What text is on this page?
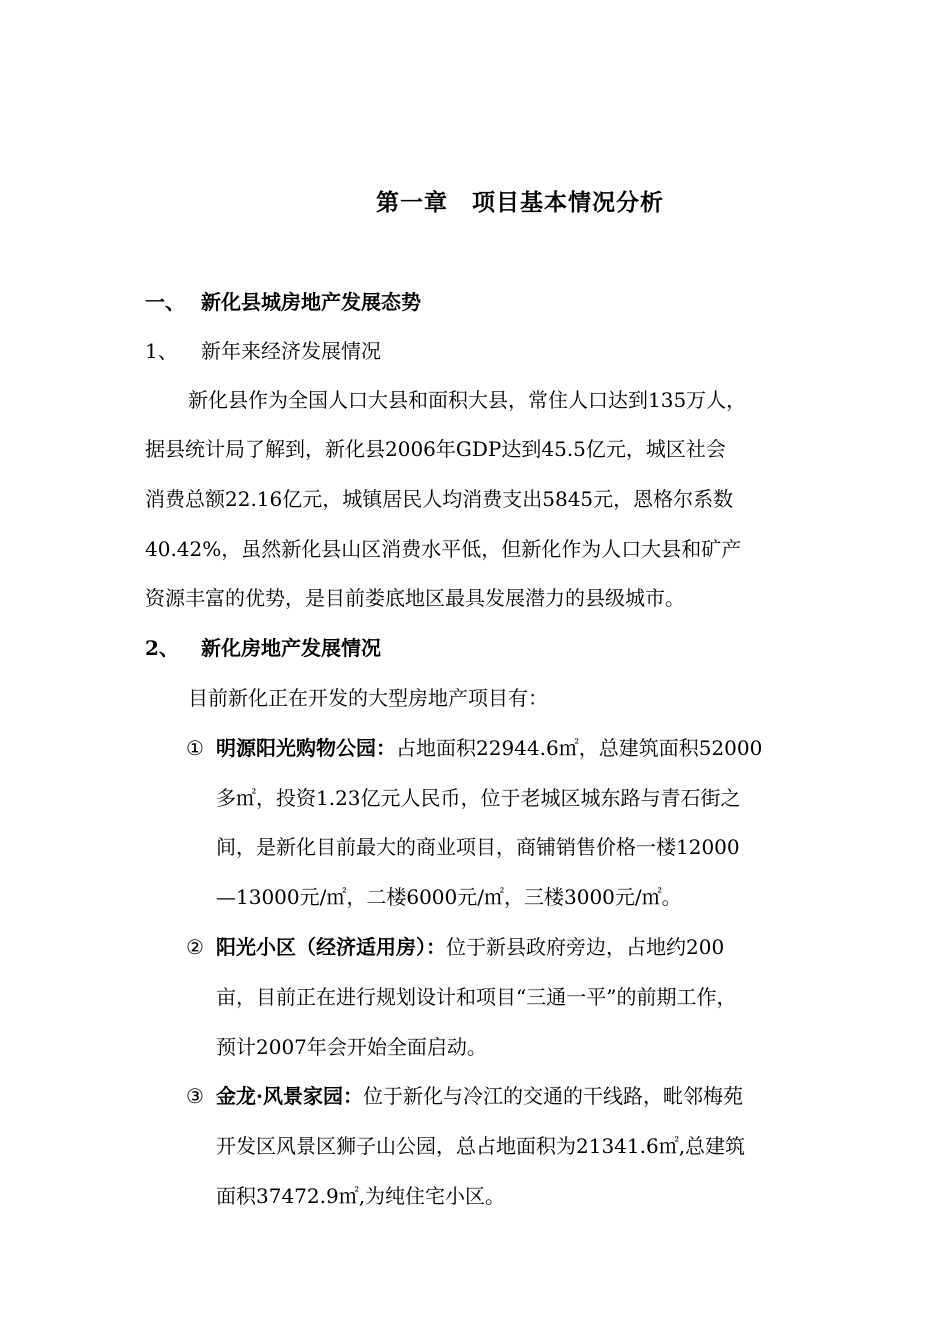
第一章　项目基本情况分析
一、 新化县城房地产发展态势
1、 新年来经济发展情况
新化县作为全国人口大县和面积大县，常住人口达到135万人，
据县统计局了解到，新化县2006年GDP达到45.5亿元，城区社会
消费总额22.16亿元，城镇居民人均消费支出5845元，恩格尔系数
40.42%，虽然新化县山区消费水平低，但新化作为人口大县和矿产
资源丰富的优势，是目前娄底地区最具发展潜力的县级城市。
2、 新化房地产发展情况
目前新化正在开发的大型房地产项目有：
① 明源阳光购物公园：占地面积22944.6㎡，总建筑面积52000
多㎡，投资1.23亿元人民币，位于老城区城东路与青石街之
间，是新化目前最大的商业项目，商铺销售价格一楼12000
—13000元/㎡，二楼6000元/㎡，三楼3000元/㎡。
② 阳光小区（经济适用房）：位于新县政府旁边，占地约200
亩，目前正在进行规划设计和项目“三通一平”的前期工作，
预计2007年会开始全面启动。
③ 金龙·风景家园：位于新化与冷江的交通的干线路，毗邻梅苑
开发区风景区狮子山公园，总占地面积为21341.6㎡,总建筑
面积37472.9㎡,为纯住宅小区。
